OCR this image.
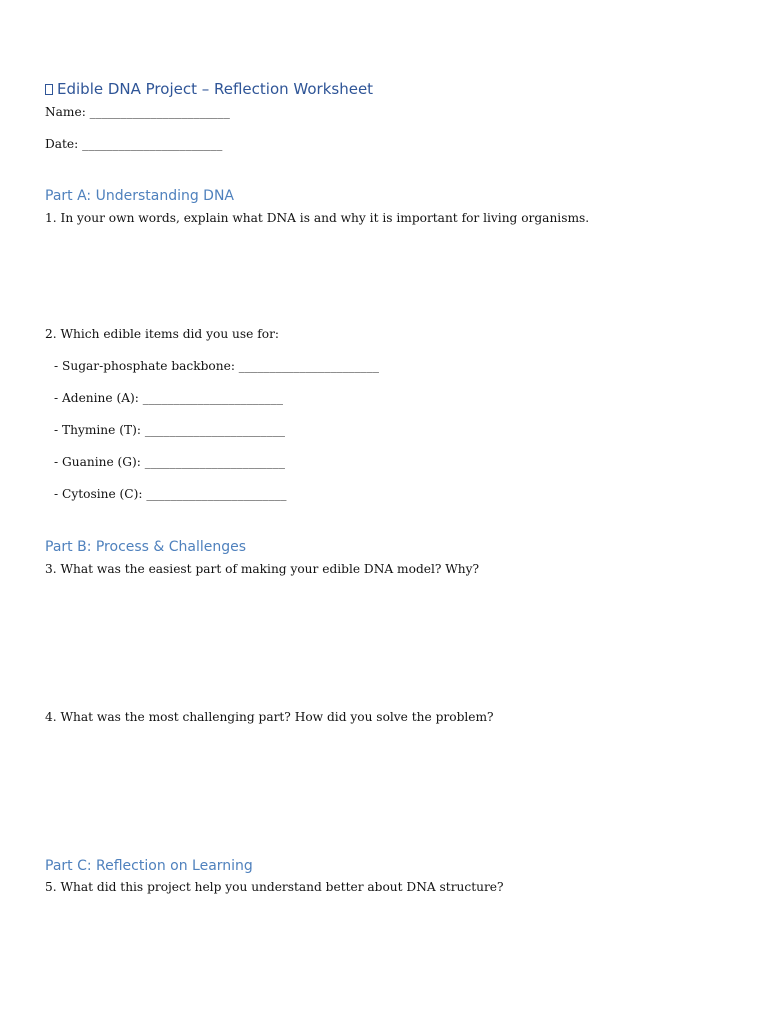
Edible DNA Project – Reflection Worksheet
Name: _______________________
Date: _______________________
Part A: Understanding DNA
1. In your own words, explain what DNA is and why it is important for living organisms.
2. Which edible items did you use for:
- Sugar-phosphate backbone: _______________________
- Adenine (A): _______________________
- Thymine (T): _______________________
- Guanine (G): _______________________
- Cytosine (C): _______________________
Part B: Process & Challenges
3. What was the easiest part of making your edible DNA model? Why?
4. What was the most challenging part? How did you solve the problem?
Part C: Reflection on Learning
5. What did this project help you understand better about DNA structure?
